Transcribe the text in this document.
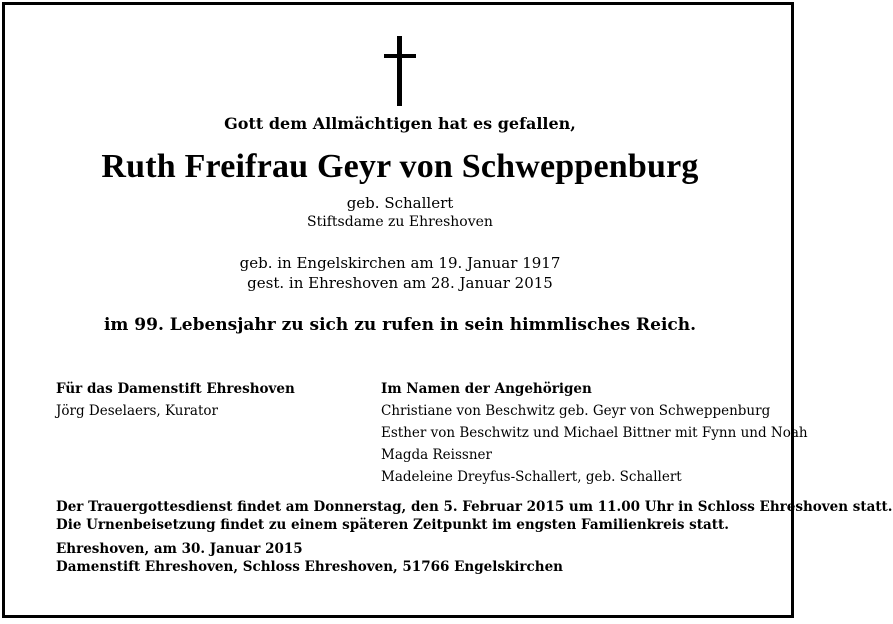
Gott dem Allmächtigen hat es gefallen,
Ruth Freifrau Geyr von Schweppenburg
geb. Schallert
Stiftsdame zu Ehreshoven
geb. in Engelskirchen am 19. Januar 1917
gest. in Ehreshoven am 28. Januar 2015
im 99. Lebensjahr zu sich zu rufen in sein himmlisches Reich.
Für das Damenstift Ehreshoven
Jörg Deselaers, Kurator
Im Namen der Angehörigen
Christiane von Beschwitz geb. Geyr von Schweppenburg
Esther von Beschwitz und Michael Bittner mit Fynn und Noah
Magda Reissner
Madeleine Dreyfus-Schallert, geb. Schallert
Der Trauergottesdienst findet am Donnerstag, den 5. Februar 2015 um 11.00 Uhr in Schloss Ehreshoven statt.
Die Urnenbeisetzung findet zu einem späteren Zeitpunkt im engsten Familienkreis statt.
Ehreshoven, am 30. Januar 2015
Damenstift Ehreshoven, Schloss Ehreshoven, 51766 Engelskirchen
